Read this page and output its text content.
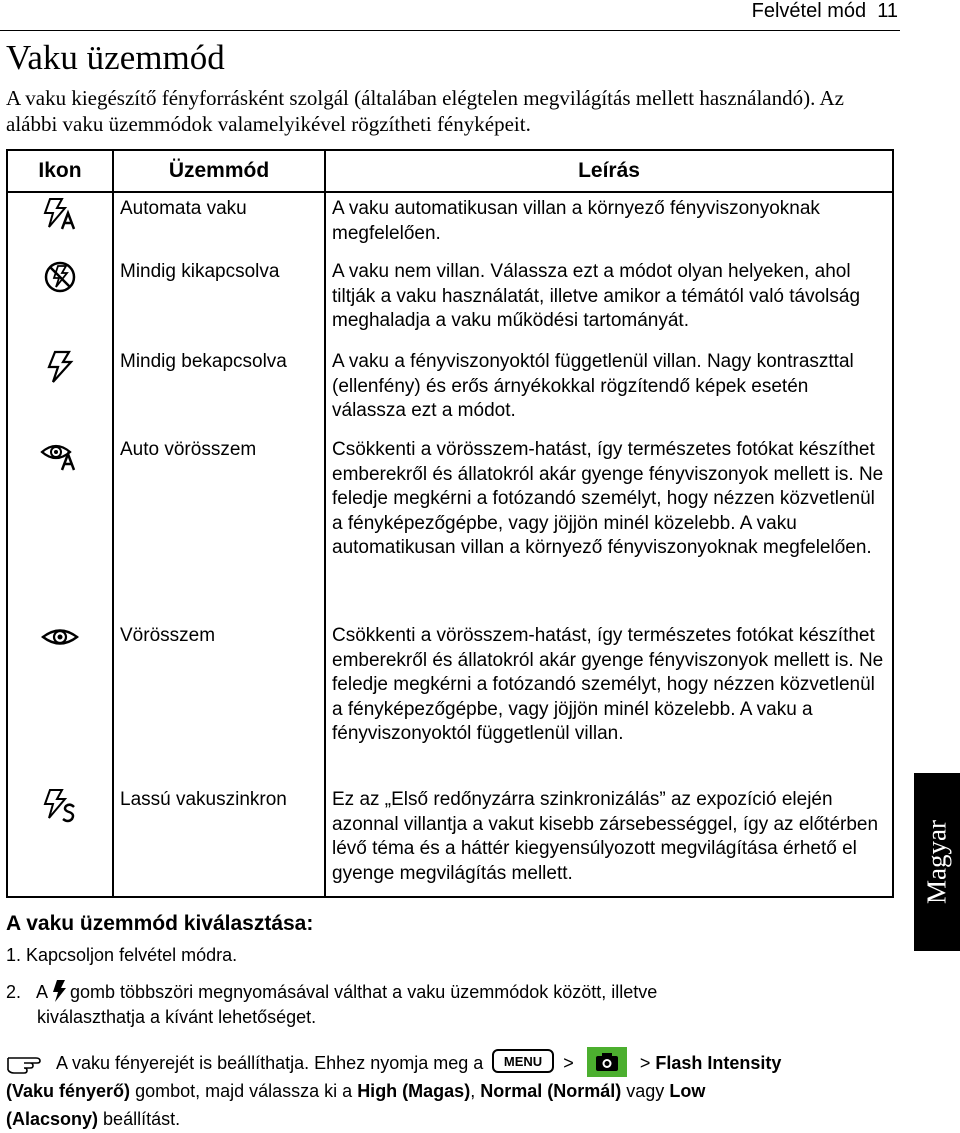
Felvétel mód 11
Vaku üzemmód
A vaku kiegészítő fényforrásként szolgál (általában elégtelen megvilágítás mellett használandó). Az alábbi vaku üzemmódok valamelyikével rögzítheti fényképeit.
Ikon	Üzemmód	Leírás
	Automata vaku	A vaku automatikusan villan a környező fényviszonyoknak megfelelően.
	Mindig kikapcsolva	A vaku nem villan. Válassza ezt a módot olyan helyeken, ahol tiltják a vaku használatát, illetve amikor a témától való távolság meghaladja a vaku működési tartományát.
	Mindig bekapcsolva	A vaku a fényviszonyoktól függetlenül villan. Nagy kontraszttal (ellenfény) és erős árnyékokkal rögzítendő képek esetén válassza ezt a módot.
	Auto vörösszem	Csökkenti a vörösszem-hatást, így természetes fotókat készíthet emberekről és állatokról akár gyenge fényviszonyok mellett is. Ne feledje megkérni a fotózandó személyt, hogy nézzen közvetlenül a fényképezőgépbe, vagy jöjjön minél közelebb. A vaku automatikusan villan a környező fényviszonyoknak megfelelően.
	Vörösszem	Csökkenti a vörösszem-hatást, így természetes fotókat készíthet emberekről és állatokról akár gyenge fényviszonyok mellett is. Ne feledje megkérni a fotózandó személyt, hogy nézzen közvetlenül a fényképezőgépbe, vagy jöjjön minél közelebb. A vaku a fényviszonyoktól függetlenül villan.
	Lassú vakuszinkron	Ez az „Első redőnyzárra szinkronizálás” az expozíció elején azonnal villantja a vakut kisebb zársebességgel, így az előtérben lévő téma és a háttér kiegyensúlyozott megvilágítása érhető el gyenge megvilágítás mellett.
A vaku üzemmód kiválasztása:
1. Kapcsoljon felvétel módra.
2. A gomb többszöri megnyomásával válthat a vaku üzemmódok között, illetve
kiválaszthatja a kívánt lehetőséget.
A vaku fényerejét is beállíthatja. Ehhez nyomja meg a MENU >	> Flash Intensity
(Vaku fényerő) gombot, majd válassza ki a High (Magas), Normal (Normál) vagy Low
(Alacsony) beállítást.
Magyar
